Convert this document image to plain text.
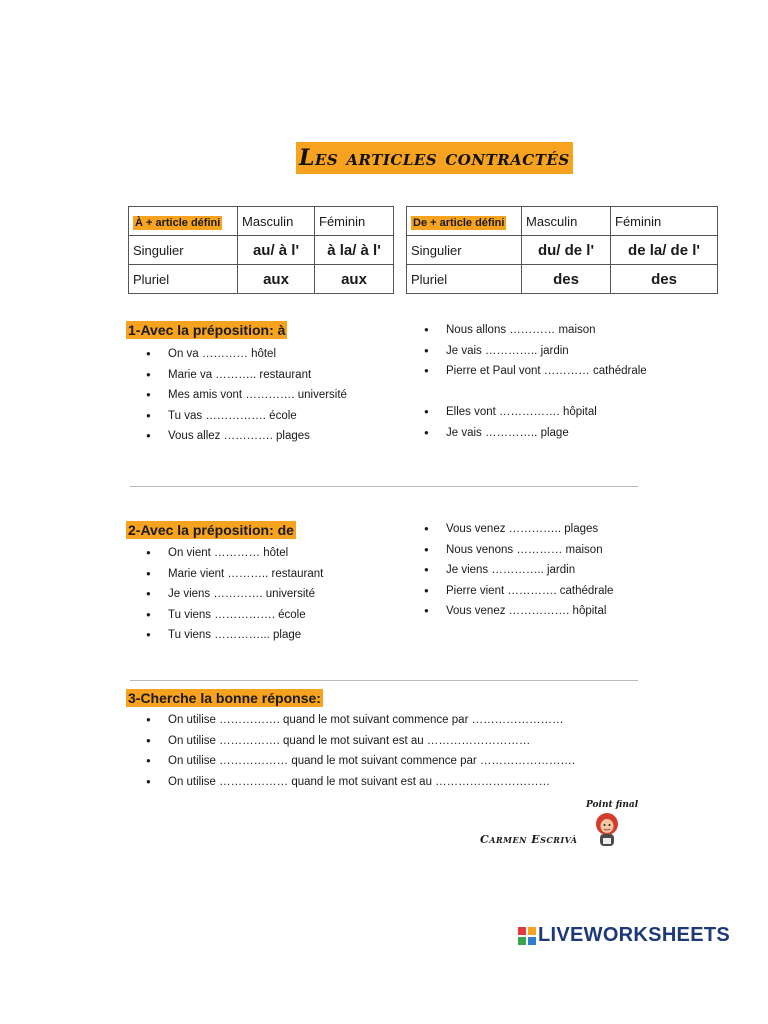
Les articles contractés
À + article défini	Masculin	Féminin
Singulier	au/ à l'	à la/ à l'
Pluriel	aux	aux
De + article défini	Masculin	Féminin
Singulier	du/ de l'	de la/ de l'
Pluriel	des	des
1-Avec la préposition: à
● On va ………… hôtel
● Marie va ……….. restaurant
● Mes amis vont …………. université
● Tu vas ……………. école
● Vous allez …………. plages
● Nous allons ………… maison
● Je vais ………….. jardin
● Pierre et Paul vont ………… cathédrale
● Elles vont ……………. hôpital
● Je vais ………….. plage
2-Avec la préposition: de
● On vient ………… hôtel
● Marie vient ……….. restaurant
● Je viens …………. université
● Tu viens ……………. école
● Tu viens …………... plage
● Vous venez ………….. plages
● Nous venons ………… maison
● Je viens ………….. jardin
● Pierre vient …………. cathédrale
● Vous venez ……………. hôpital
3-Cherche la bonne réponse:
● On utilise ……………. quand le mot suivant commence par ……………………
● On utilise ……………. quand le mot suivant est au ………………………
● On utilise ……………… quand le mot suivant commence par …………………….
● On utilise ……………… quand le mot suivant est au …………………………
Point final
Carmen Escrivà
LIVEWORKSHEETS
